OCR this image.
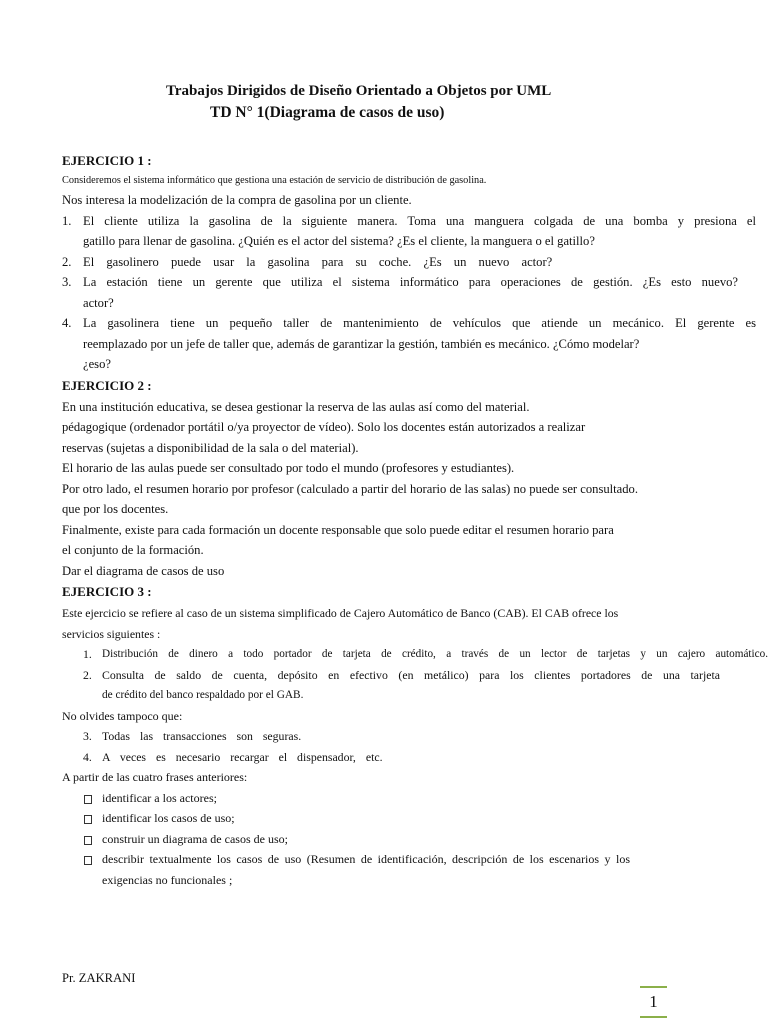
Trabajos Dirigidos de Diseño Orientado a Objetos por UML
TD N° 1(Diagrama de casos de uso)

EJERCICIO 1 :

Consideremos el sistema informático que gestiona una estación de servicio de distribución de gasolina.

Nos interesa la modelización de la compra de gasolina por un cliente.

1. El cliente utiliza la gasolina de la siguiente manera. Toma una manguera colgada de una bomba y presiona el

gatillo para llenar de gasolina. ¿Quién es el actor del sistema? ¿Es el cliente, la manguera o el gatillo?

2. El gasolinero puede usar la gasolina para su coche. ¿Es un nuevo actor?

3. La estación tiene un gerente que utiliza el sistema informático para operaciones de gestión. ¿Es esto nuevo?

actor?

4. La gasolinera tiene un pequeño taller de mantenimiento de vehículos que atiende un mecánico. El gerente es

reemplazado por un jefe de taller que, además de garantizar la gestión, también es mecánico. ¿Cómo modelar?

¿eso?

EJERCICIO 2 :

En una institución educativa, se desea gestionar la reserva de las aulas así como del material.

pédagogique (ordenador portátil o/ya proyector de vídeo). Solo los docentes están autorizados a realizar

reservas (sujetas a disponibilidad de la sala o del material).

El horario de las aulas puede ser consultado por todo el mundo (profesores y estudiantes).

Por otro lado, el resumen horario por profesor (calculado a partir del horario de las salas) no puede ser consultado.

que por los docentes.

Finalmente, existe para cada formación un docente responsable que solo puede editar el resumen horario para

el conjunto de la formación.

Dar el diagrama de casos de uso

EJERCICIO 3 :

Este ejercicio se refiere al caso de un sistema simplificado de Cajero Automático de Banco (CAB). El CAB ofrece los

servicios siguientes :

1. Distribución de dinero a todo portador de tarjeta de crédito, a través de un lector de tarjetas y un cajero automático.

2. Consulta de saldo de cuenta, depósito en efectivo (en metálico) para los clientes portadores de una tarjeta

de crédito del banco respaldado por el GAB.

No olvides tampoco que:

3. Todas las transacciones son seguras.

4. A veces es necesario recargar el dispensador, etc.

A partir de las cuatro frases anteriores:

identificar a los actores;

identificar los casos de uso;

construir un diagrama de casos de uso;

describir textualmente los casos de uso (Resumen de identificación, descripción de los escenarios y los

exigencias no funcionales ;

Pr. ZAKRANI
1
